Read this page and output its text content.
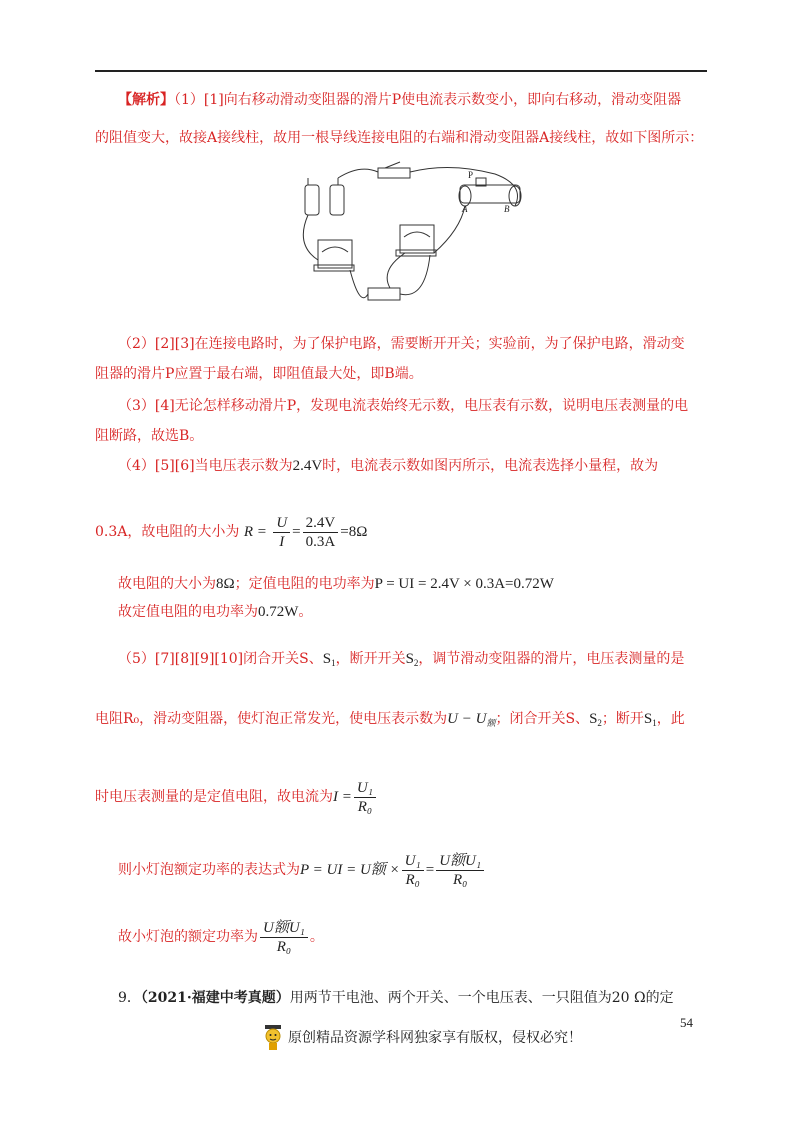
【解析】（1）[1]向右移动滑动变阻器的滑片P使电流表示数变小，即向右移动，滑动变阻器
的阻值变大，故接A接线柱，故用一根导线连接电阻的右端和滑动变阻器A接线柱，故如下图所示：
P
A	B
（2）[2][3]在连接电路时，为了保护电路，需要断开开关；实验前，为了保护电路，滑动变
阻器的滑片P应置于最右端，即阻值最大处，即B端。
（3）[4]无论怎样移动滑片P，发现电流表始终无示数，电压表有示数，说明电压表测量的电
阻断路，故选B。
（4）[5][6]当电压表示数为2.4V时，电流表示数如图丙所示，电流表选择小量程，故为
0.3A，故电阻的大小为 $R = \frac{U}{I} = \frac{2.4V}{0.3A} =8\Omega$
故电阻的大小为8Ω；定值电阻的电功率为P = UI = 2.4V × 0.3A=0.72W
故定值电阻的电功率为0.72W。
（5）[7][8][9][10]闭合开关S、$S_1$，断开开关$S_2$，调节滑动变阻器的滑片，电压表测量的是
电阻R₀，滑动变阻器，使灯泡正常发光，使电压表示数为$U - U_额$；闭合开关S、$S_2$；断开$S_1$，此
时电压表测量的是定值电阻，故电流为$I = \frac{\text{U₁}}{\text{R₀}}$
则小灯泡额定功率的表达式为P = UI = U额 × $\frac{\text{U₁}}{\text{R₀}} = \frac{\text{U额U₁}}{\text{R₀}}$
故小灯泡的额定功率为 $\frac{\text{U额U₁}}{\text{R₀}}$ 。
9．（2021·福建中考真题）用两节干电池、两个开关、一个电压表、一只阻值为20 Ω的定
54
原创精品资源学科网独家享有版权，侵权必究！
